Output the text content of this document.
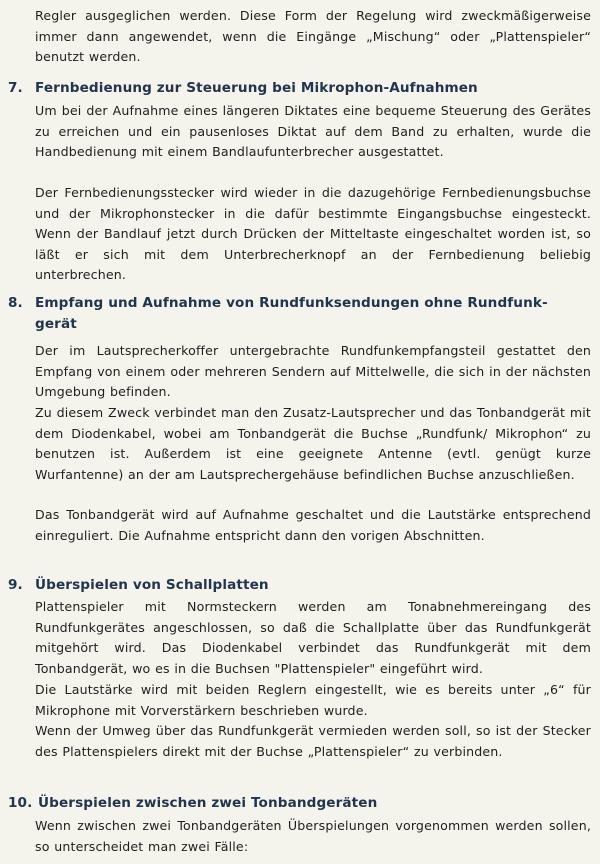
Regler ausgeglichen werden. Diese Form der Regelung wird zweckmäßigerweise immer dann angewendet, wenn die Eingänge „Mischung“ oder „Plattenspieler“ benutzt werden.

7. Fernbedienung zur Steuerung bei Mikrophon-Aufnahmen

Um bei der Aufnahme eines längeren Diktates eine bequeme Steuerung des Gerätes zu erreichen und ein pausenloses Diktat auf dem Band zu erhalten, wurde die Handbedienung mit einem Bandlaufunterbrecher ausgestattet.

Der Fernbedienungsstecker wird wieder in die dazugehörige Fernbedienungsbuchse und der Mikrophonstecker in die dafür bestimmte Eingangsbuchse eingesteckt. Wenn der Bandlauf jetzt durch Drücken der Mitteltaste eingeschaltet worden ist, so läßt er sich mit dem Unterbrecherknopf an der Fernbedienung beliebig unterbrechen.

8. Empfang und Aufnahme von Rundfunksendungen ohne Rundfunk-
gerät

Der im Lautsprecherkoffer untergebrachte Rundfunkempfangsteil gestattet den Empfang von einem oder mehreren Sendern auf Mittelwelle, die sich in der nächsten Umgebung befinden.

Zu diesem Zweck verbindet man den Zusatz-Lautsprecher und das Tonbandgerät mit dem Diodenkabel, wobei am Tonbandgerät die Buchse „Rundfunk/ Mikrophon“ zu benutzen ist. Außerdem ist eine geeignete Antenne (evtl. genügt kurze Wurfantenne) an der am Lautsprechergehäuse befindlichen Buchse anzuschließen.

Das Tonbandgerät wird auf Aufnahme geschaltet und die Lautstärke entsprechend einreguliert. Die Aufnahme entspricht dann den vorigen Abschnitten.

9. Überspielen von Schallplatten

Plattenspieler mit Normsteckern werden am Tonabnehmereingang des Rundfunkgerätes angeschlossen, so daß die Schallplatte über das Rundfunkgerät mitgehört wird. Das Diodenkabel verbindet das Rundfunkgerät mit dem Tonbandgerät, wo es in die Buchsen "Plattenspieler" eingeführt wird.

Die Lautstärke wird mit beiden Reglern eingestellt, wie es bereits unter „6“ für Mikrophone mit Vorverstärkern beschrieben wurde.

Wenn der Umweg über das Rundfunkgerät vermieden werden soll, so ist der Stecker des Plattenspielers direkt mit der Buchse „Plattenspieler“ zu verbinden.

10. Überspielen zwischen zwei Tonbandgeräten

Wenn zwischen zwei Tonbandgeräten Überspielungen vorgenommen werden sollen, so unterscheidet man zwei Fälle:
